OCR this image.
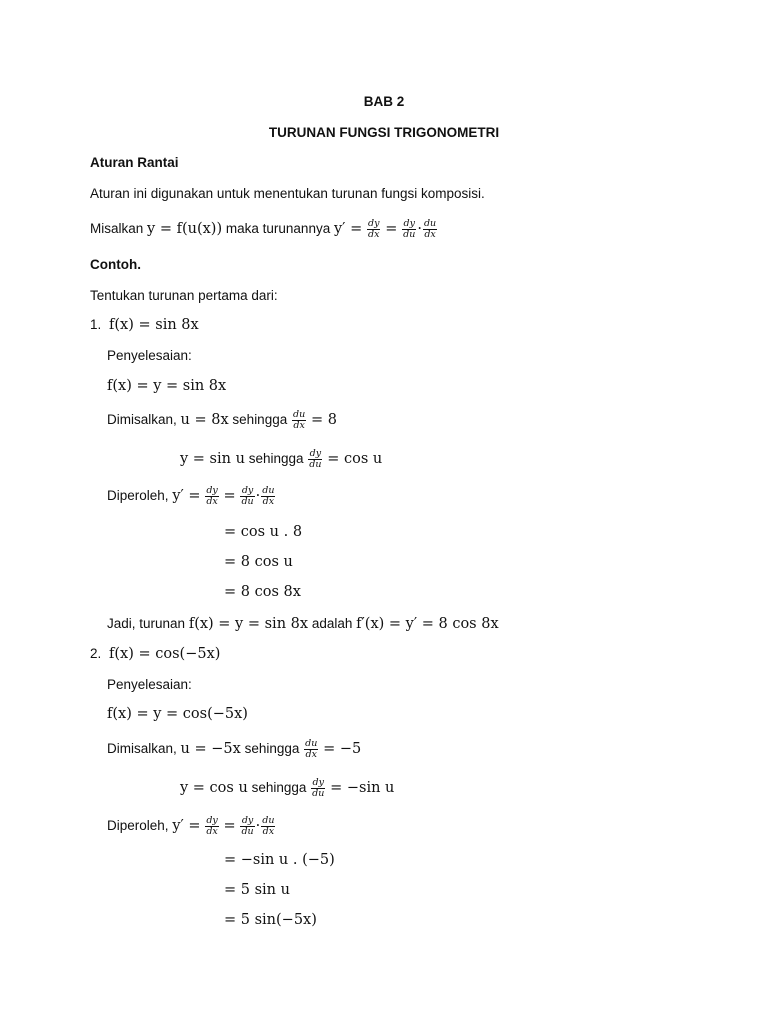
BAB 2
TURUNAN FUNGSI TRIGONOMETRI
Aturan Rantai
Aturan ini digunakan untuk menentukan turunan fungsi komposisi.
Misalkan y = f(u(x)) maka turunannya $y' = \frac{dy}{dx} = \frac{dy}{du} \cdot \frac{du}{dx}$
Contoh.
Tentukan turunan pertama dari:
1. f(x) = sin 8x
Penyelesaian:
f(x) = y = sin 8x
Dimisalkan, u = 8x sehingga $\frac{du}{dx} = 8$
y = sin u sehingga $\frac{dy}{du} = \cos u$
Diperoleh, $y' = \frac{dy}{dx} = \frac{dy}{du} \cdot \frac{du}{dx}$
= cos u . 8
= 8 cos u
= 8 cos 8x
Jadi, turunan f(x) = y = sin 8x adalah f′(x) = y′ = 8 cos 8x
2. f(x) = cos(−5x)
Penyelesaian:
f(x) = y = cos(−5x)
Dimisalkan, u = −5x sehingga $\frac{du}{dx} = -5$
y = cos u sehingga $\frac{dy}{du} = -\sin$ u
Diperoleh, $y' = \frac{dy}{dx} = \frac{dy}{du} \cdot \frac{du}{dx}$
= −sin u . (−5)
= 5 sin u
= 5 sin(−5x)
